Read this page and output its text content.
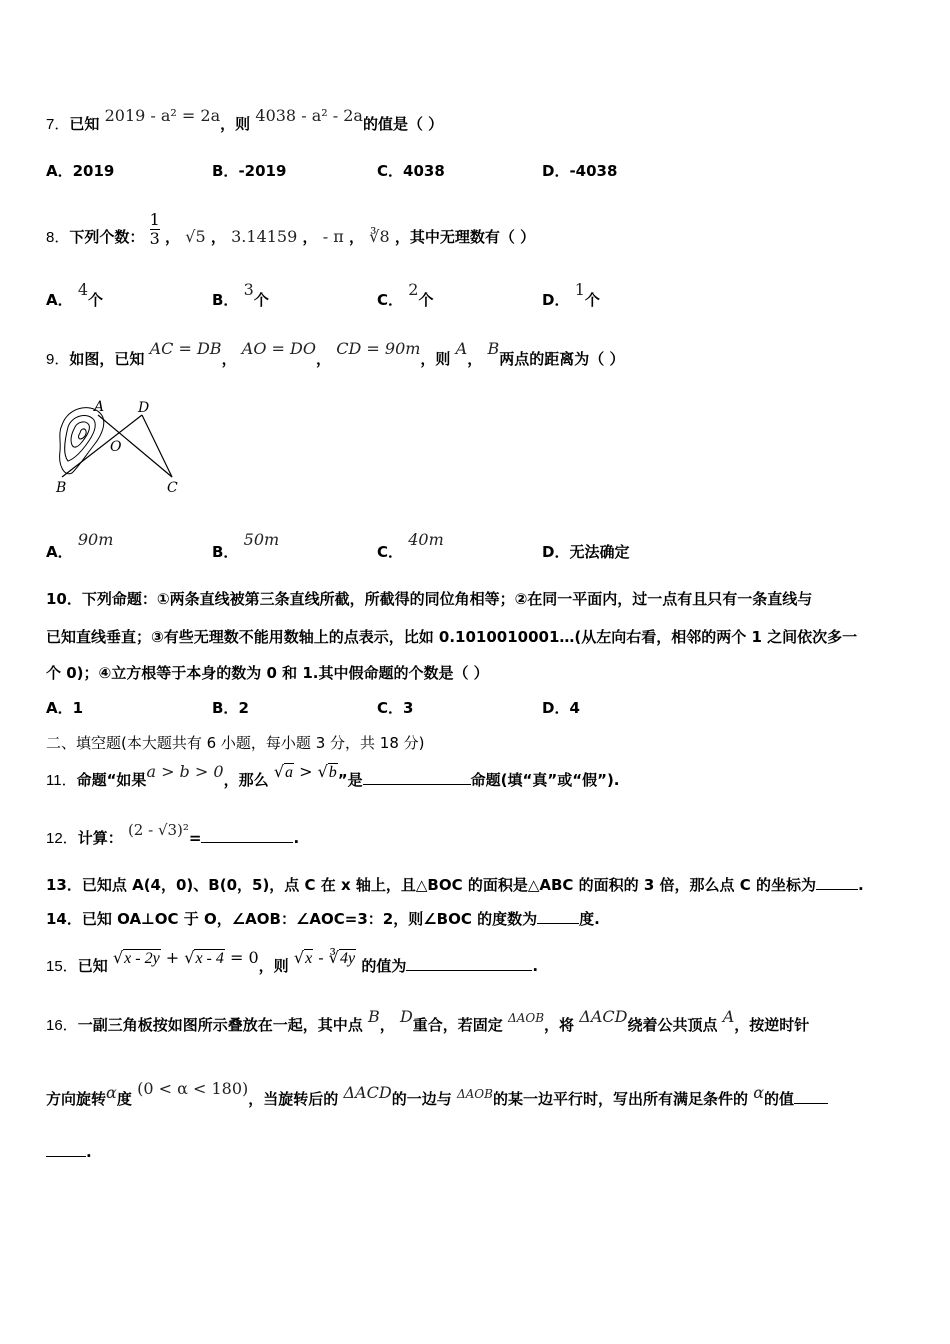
7．已知 2019 - a² = 2a，则 4038 - a² - 2a的值是（ ）
A．2019	B．-2019	C．4038	D．-4038
8．下列个数： $\frac{1}{3}$ ， √5 ， 3.14159 ， - π ， ∛8 ，其中无理数有（ ）
A． 4个	B． 3个	C． 2个	D． 1个
9．如图，已知 AC = DB， AO = DO， CD = 90m，则 A， B两点的距离为（ ）
A D
O
B	C
A． 90m
B． 50m
C． 40m
D．无法确定
10．下列命题：①两条直线被第三条直线所截，所截得的同位角相等；②在同一平面内，过一点有且只有一条直线与
已知直线垂直；③有些无理数不能用数轴上的点表示，比如 0.1010010001…(从左向右看，相邻的两个 1 之间依次多一
个 0)；④立方根等于本身的数为 0 和 1.其中假命题的个数是（ ）
A．1	B．2	C．3	D．4
二、填空题(本大题共有 6 小题，每小题 3 分，共 18 分)
11．命题“如果a > b > 0，那么 √a > √b”是	命题(填“真”或“假”).
12．计算： (2 - √3)²=	.
13．已知点 A(4，0)、B(0，5)，点 C 在 x 轴上，且△BOC 的面积是△ABC 的面积的 3 倍，那么点 C 的坐标为	.
14．已知 OA⊥OC 于 O，∠AOB：∠AOC=3：2，则∠BOC 的度数为	度.
15．已知 √x - 2y + √x - 4 = 0，则 √x - ∛4y 的值为	.
16．一副三角板按如图所示叠放在一起，其中点 B， D重合，若固定 $^{\Delta AOB}$，将 ΔACD绕着公共顶点 A，按逆时针
方向旋转α度 (0 < α < 180)，当旋转后的 ΔACD的一边与 $^{\Delta AOB}$的某一边平行时，写出所有满足条件的 α的值
.
